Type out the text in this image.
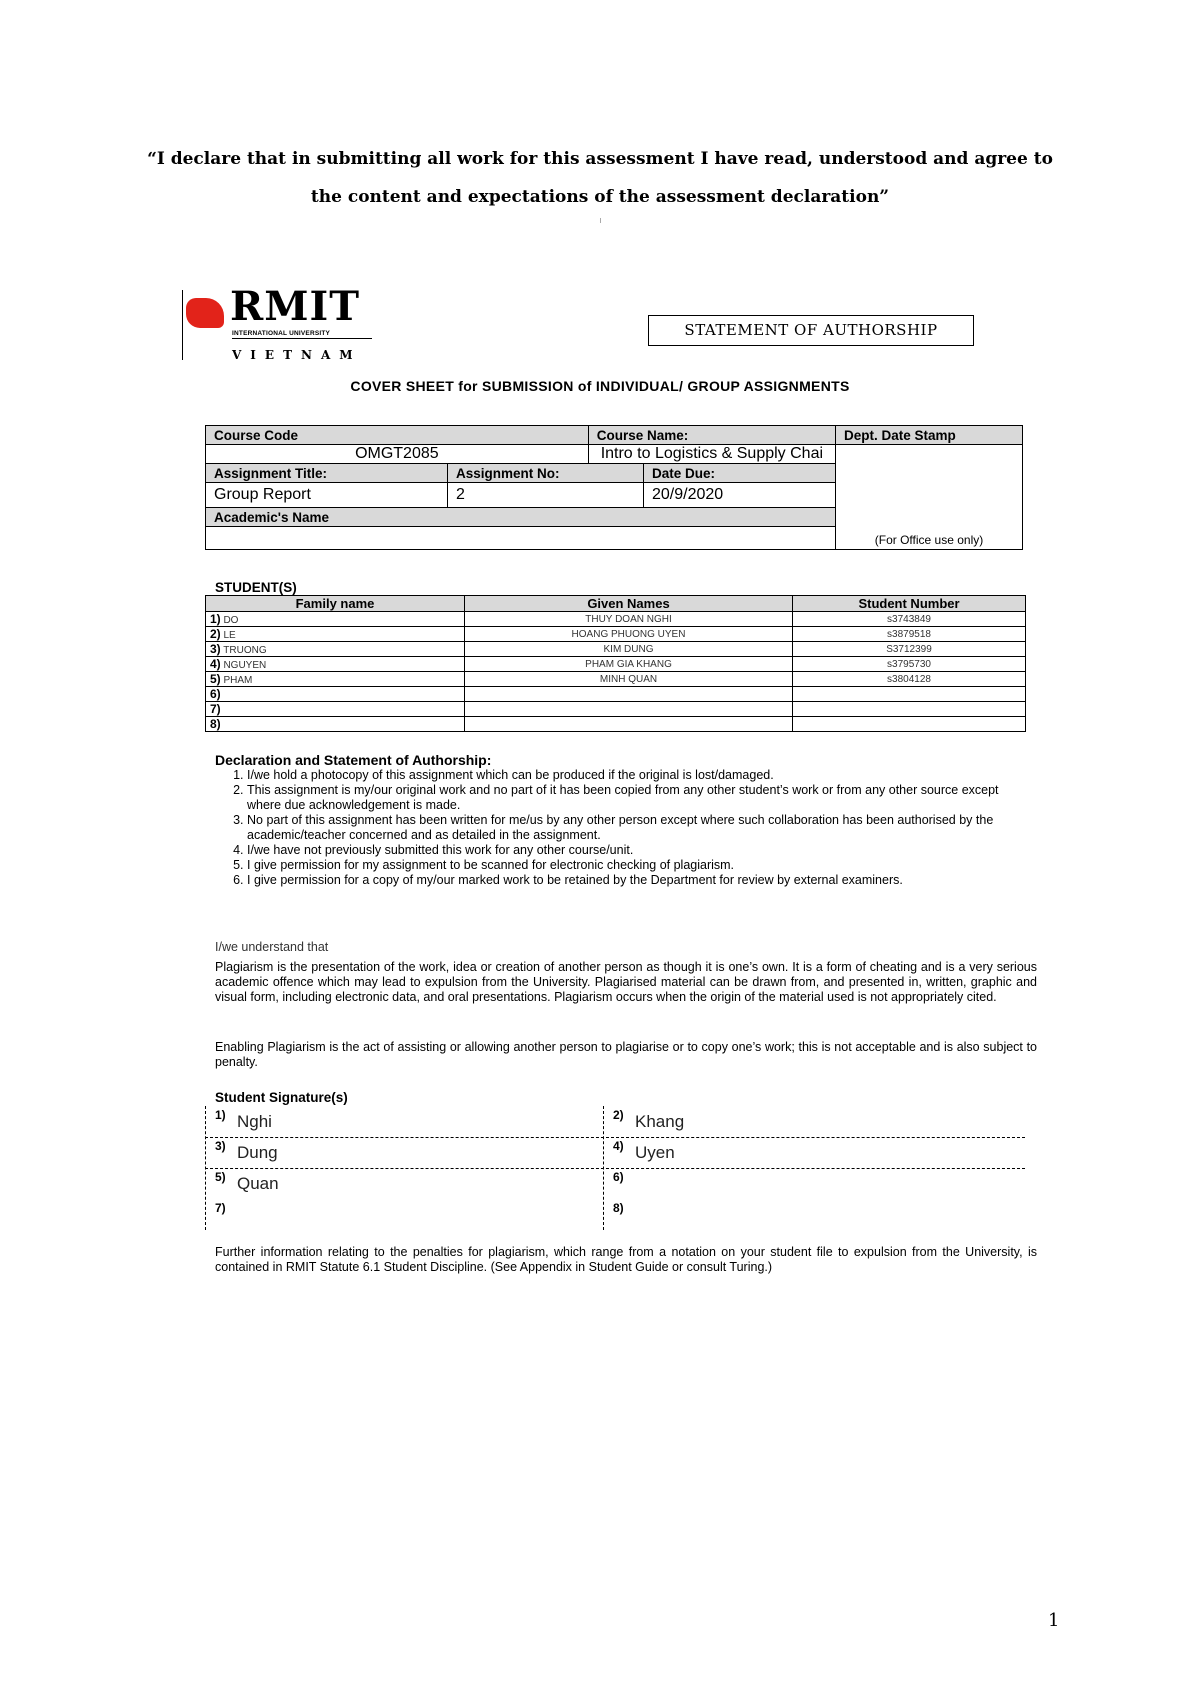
“I declare that in submitting all work for this assessment I have read, understood and agree to
the content and expectations of the assessment declaration”
RMIT
INTERNATIONAL UNIVERSITY
VIETNAM
STATEMENT OF AUTHORSHIP
COVER SHEET for SUBMISSION of INDIVIDUAL/ GROUP ASSIGNMENTS
Course Code		Course Name:		Dept. Date Stamp
OMGT2085		Intro to Logistics & Supply Chai		(For Office use only)
Assignment Title:	Assignment No:		Date Due:	
Group Report	2		20/9/2020	
Academic's Name				

STUDENT(S)
Family name	Given Names	Student Number
1) DO	THUY DOAN NGHI	s3743849
2) LE	HOANG PHUONG UYEN	s3879518
3) TRUONG	KIM DUNG	S3712399
4) NGUYEN	PHAM GIA KHANG	s3795730
5) PHAM	MINH QUAN	s3804128
6)		
7)		
8)		
Declaration and Statement of Authorship:
1. I/we hold a photocopy of this assignment which can be produced if the original is lost/damaged.
2. This assignment is my/our original work and no part of it has been copied from any other student’s work or from any other source except where due acknowledgement is made.
3. No part of this assignment has been written for me/us by any other person except where such collaboration has been authorised by the academic/teacher concerned and as detailed in the assignment.
4. I/we have not previously submitted this work for any other course/unit.
5. I give permission for my assignment to be scanned for electronic checking of plagiarism.
6. I give permission for a copy of my/our marked work to be retained by the Department for review by external examiners.
I/we understand that
Plagiarism is the presentation of the work, idea or creation of another person as though it is one’s own. It is a form of cheating and is a very serious academic offence which may lead to expulsion from the University. Plagiarised material can be drawn from, and presented in, written, graphic and visual form, including electronic data, and oral presentations. Plagiarism occurs when the origin of the material used is not appropriately cited.
Enabling Plagiarism is the act of assisting or allowing another person to plagiarise or to copy one’s work; this is not acceptable and is also subject to penalty.
Student Signature(s)
1) Nghi	2) Khang
3) Dung	4) Uyen
5) Quan	6)
7)	8)
Further information relating to the penalties for plagiarism, which range from a notation on your student file to expulsion from the University, is contained in RMIT Statute 6.1 Student Discipline. (See Appendix in Student Guide or consult Turing.)
1
